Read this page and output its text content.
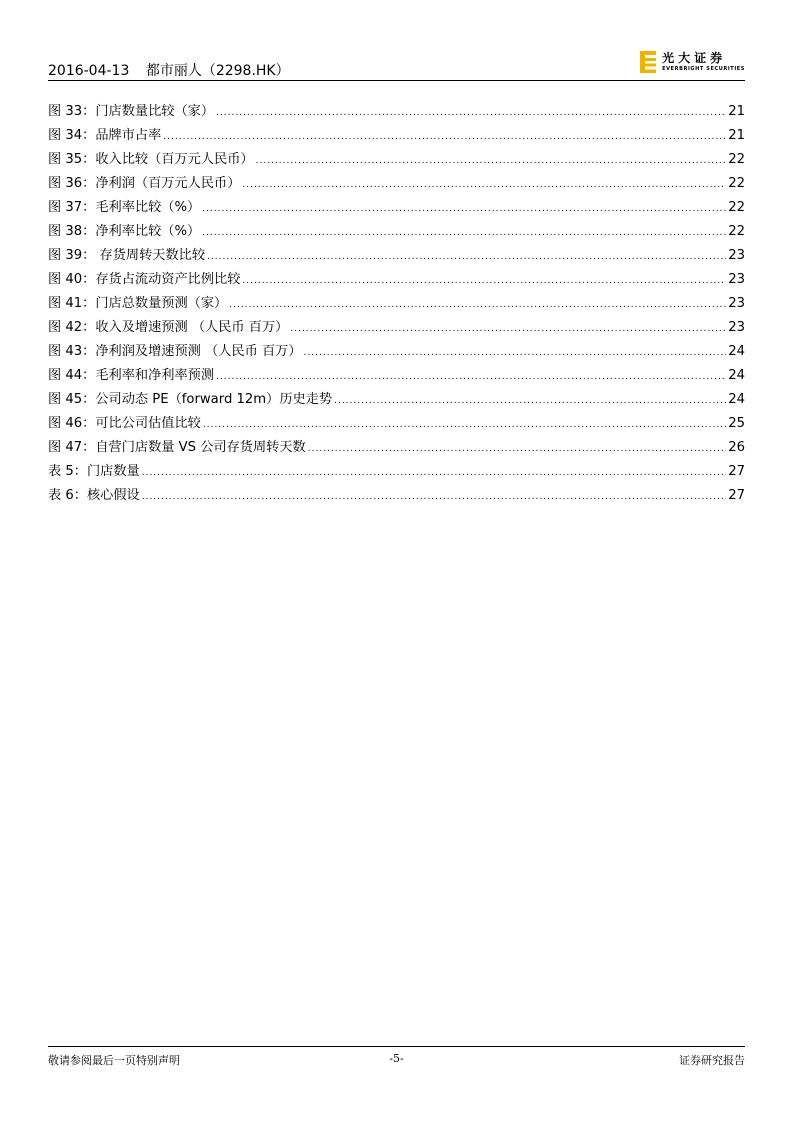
2016-04-13 都市丽人（2298.HK）
光大证券
EVERBRIGHT SECURITIES
图 33：门店数量比较（家） .....	21
图 34：品牌市占率 .....	21
图 35：收入比较（百万元人民币） .....	22
图 36：净利润（百万元人民币） .....	22
图 37：毛利率比较（%） .....	22
图 38：净利率比较（%） .....	22
图 39： 存货周转天数比较 .....	23
图 40：存货占流动资产比例比较 .....	23
图 41：门店总数量预测（家） .....	23
图 42：收入及增速预测 （人民币 百万） .....	23
图 43：净利润及增速预测 （人民币 百万） .....	24
图 44：毛利率和净利率预测 .....	24
图 45：公司动态 PE（forward 12m）历史走势 .....	24
图 46：可比公司估值比较 .....	25
图 47：自营门店数量 VS 公司存货周转天数 .....	26
表 5：门店数量 .....	27
表 6：核心假设 .....	27
敬请参阅最后一页特别声明	-5-	证券研究报告
